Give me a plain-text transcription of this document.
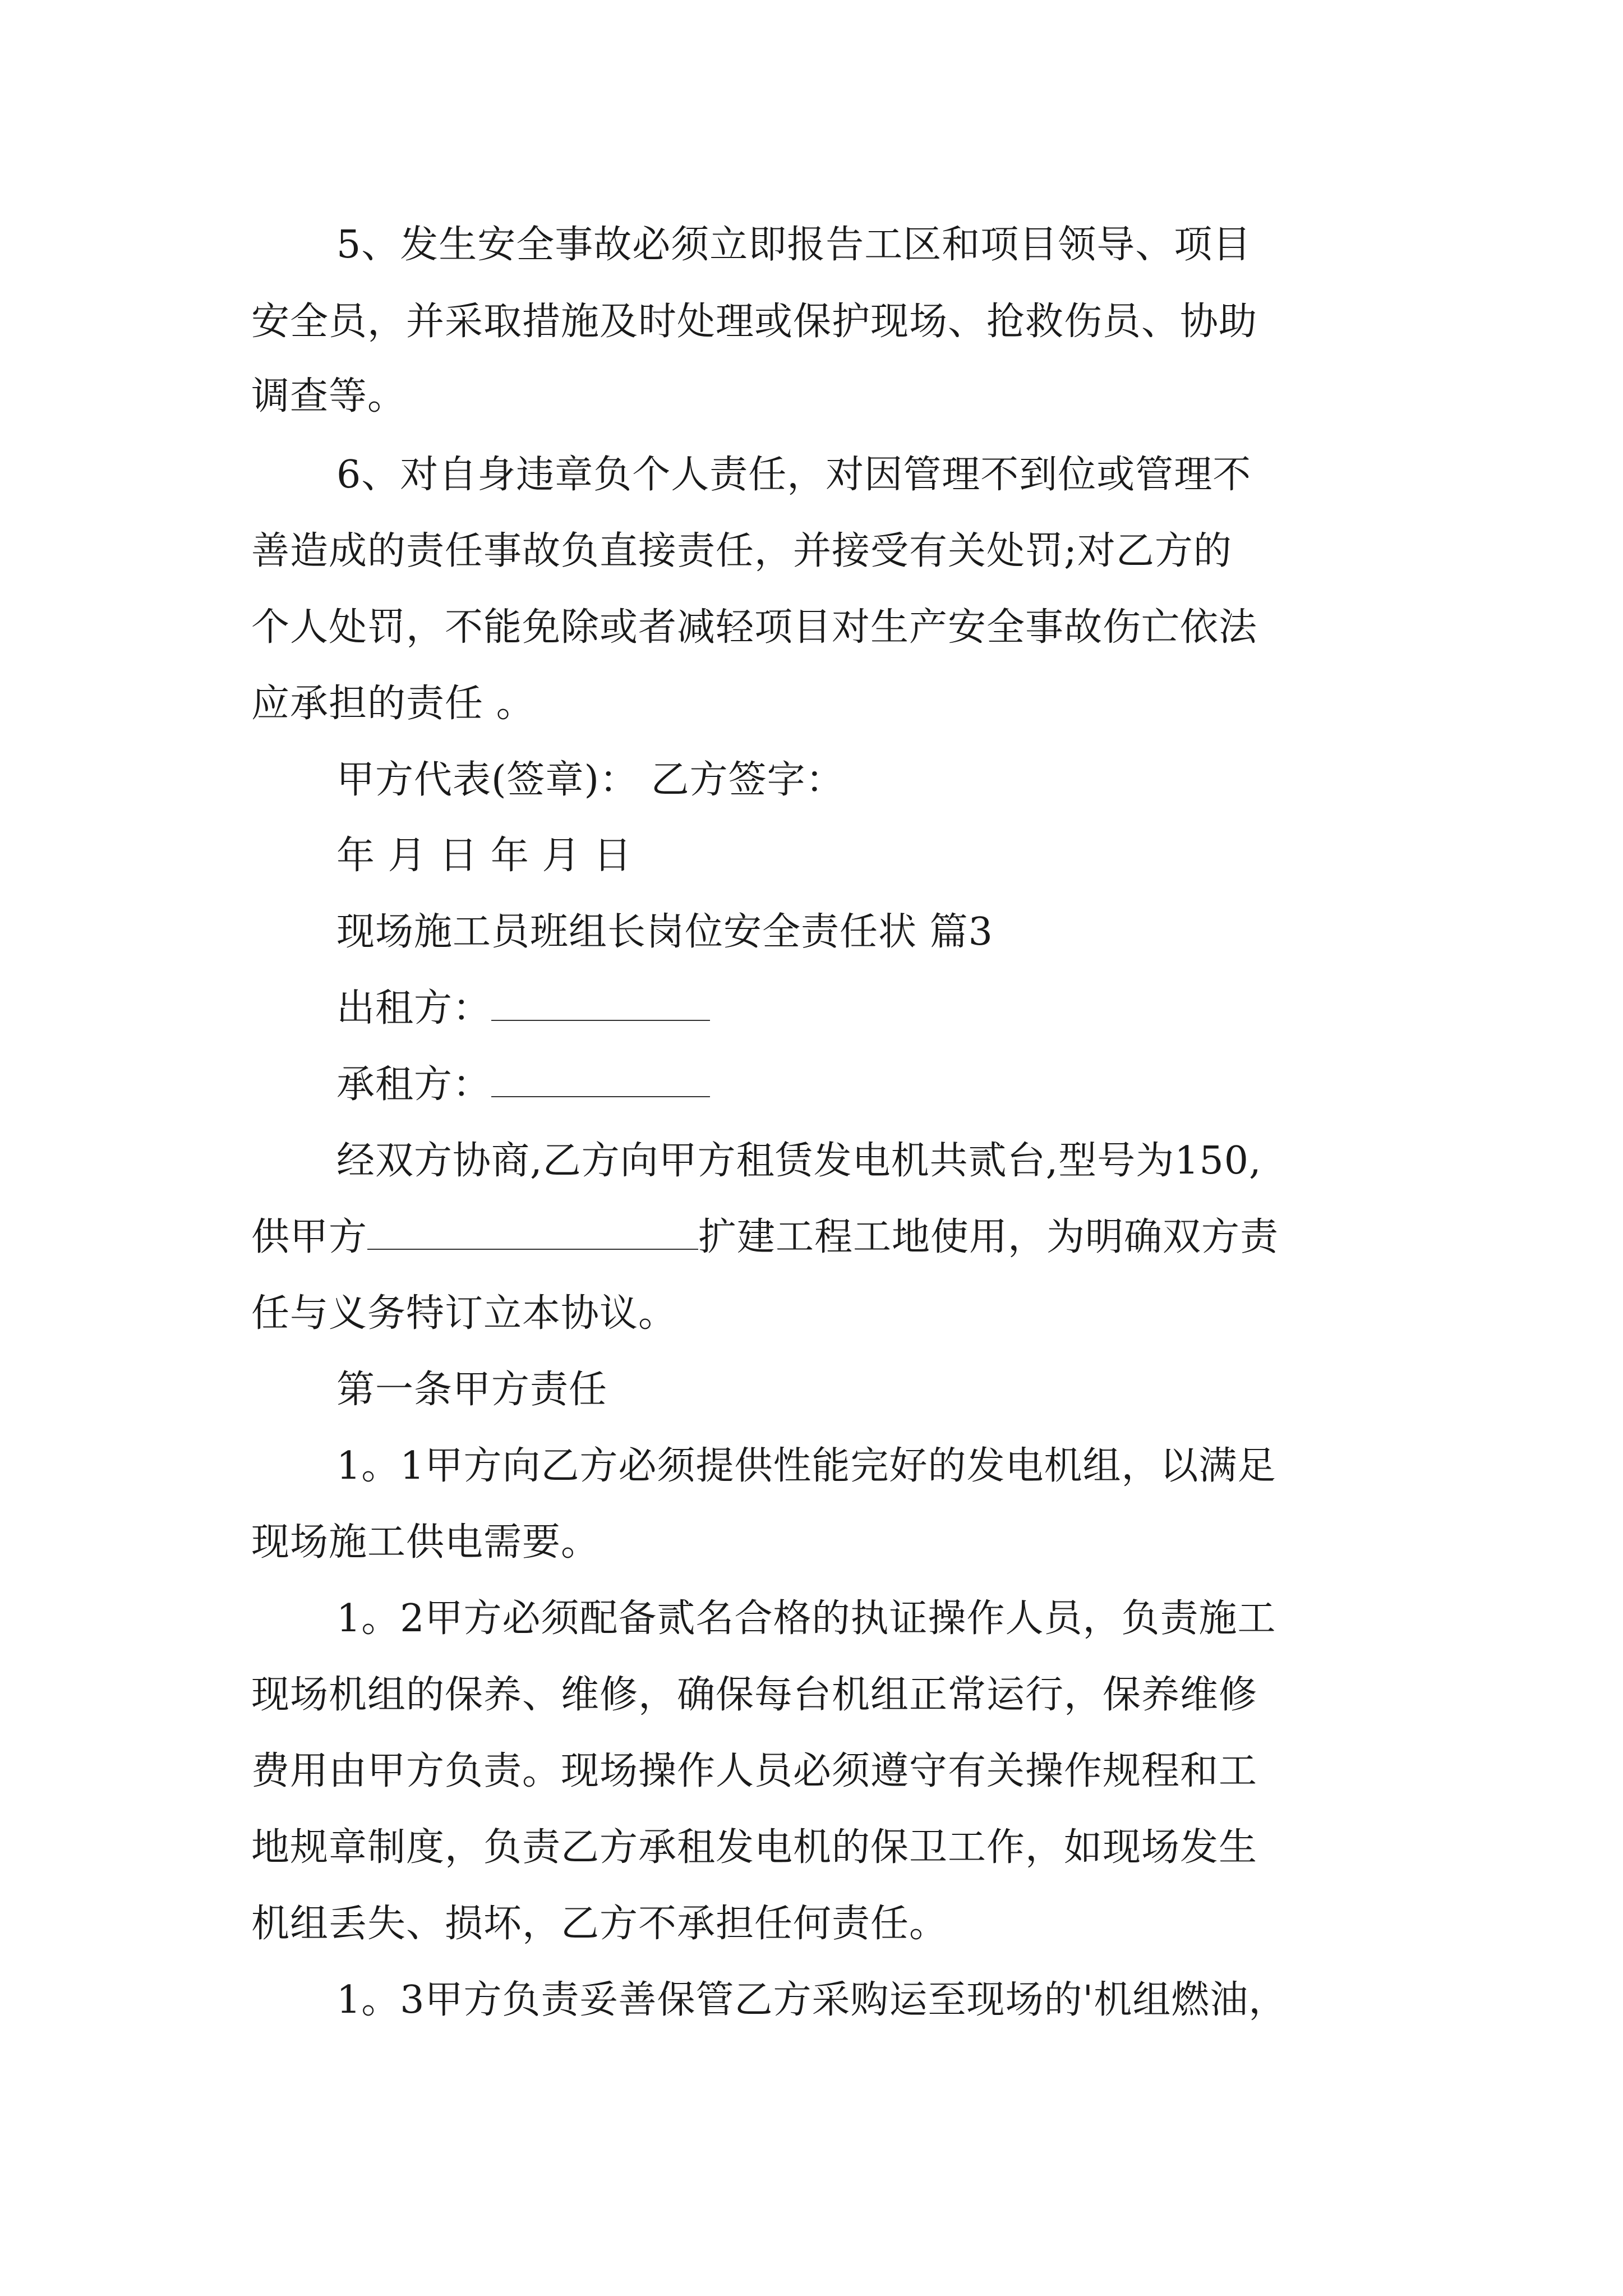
5、发生安全事故必须立即报告工区和项目领导、项目
安全员，并采取措施及时处理或保护现场、抢救伤员、协助
调查等。
6、对自身违章负个人责任，对因管理不到位或管理不
善造成的责任事故负直接责任，并接受有关处罚;对乙方的
个人处罚，不能免除或者减轻项目对生产安全事故伤亡依法
应承担的责任 。
甲方代表(签章)： 乙方签字：
年 月 日 年 月 日
现场施工员班组长岗位安全责任状 篇3
出租方：
承租方：
经双方协商,乙方向甲方租赁发电机共贰台,型号为150,
供甲方	扩建工程工地使用，为明确双方责
任与义务特订立本协议。
第一条甲方责任
1。1甲方向乙方必须提供性能完好的发电机组，以满足
现场施工供电需要。
1。2甲方必须配备贰名合格的执证操作人员，负责施工
现场机组的保养、维修，确保每台机组正常运行，保养维修
费用由甲方负责。现场操作人员必须遵守有关操作规程和工
地规章制度，负责乙方承租发电机的保卫工作，如现场发生
机组丢失、损坏，乙方不承担任何责任。
1。3甲方负责妥善保管乙方采购运至现场的'机组燃油，
